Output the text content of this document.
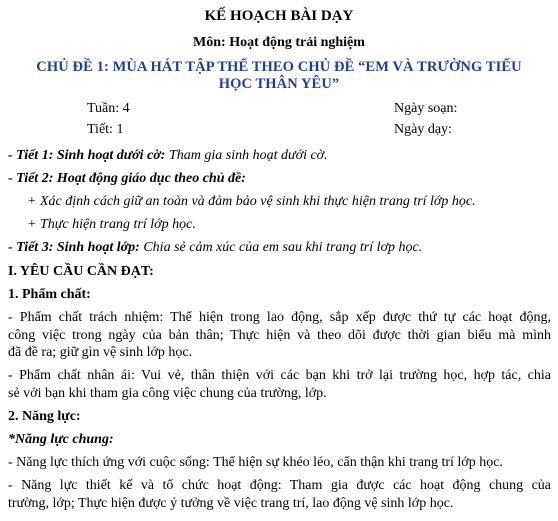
KẾ HOẠCH BÀI DẠY
Môn: Hoạt động trải nghiệm
CHỦ ĐỀ 1: MÙA HÁT TẬP THỂ THEO CHỦ ĐỀ “EM VÀ TRƯỜNG TIỂU
HỌC THÂN YÊU”
Tuần: 4	Ngày soạn:
Tiết: 1	Ngày dạy:
- Tiết 1: Sinh hoạt dưới cờ: Tham gia sinh hoạt dưới cờ.
- Tiết 2: Hoạt động giáo dục theo chủ đề:
+ Xác định cách giữ an toàn và đảm bảo vệ sinh khi thực hiện trang trí lớp học.
+ Thực hiện trang trí lớp học.
- Tiết 3: Sinh hoạt lớp: Chia sẻ cảm xúc của em sau khi trang trí lơp học.
I. YÊU CẦU CẦN ĐẠT:
1. Phẩm chất:
- Phẩm chất trách nhiệm: Thể hiện trong lao động, sắp xếp được thứ tự các hoạt động,
công việc trong ngày của bản thân; Thực hiện và theo dõi được thời gian biểu mà mình
đã đề ra; giữ gìn vệ sinh lớp học.
- Phẩm chất nhân ái: Vui vẻ, thân thiện với các bạn khi trở lại trường học, hợp tác, chia
sẻ với bạn khi tham gia công việc chung của trường, lớp.
2. Năng lực:
*Năng lực chung:
- Năng lực thích ứng với cuộc sống: Thể hiện sự khéo léo, cẩn thận khi trang trí lớp học.
- Năng lực thiết kế và tổ chức hoạt động: Tham gia được các hoạt động chung của
trường, lớp; Thực hiện được ý tưởng về việc trang trí, lao động vệ sinh lớp học.
